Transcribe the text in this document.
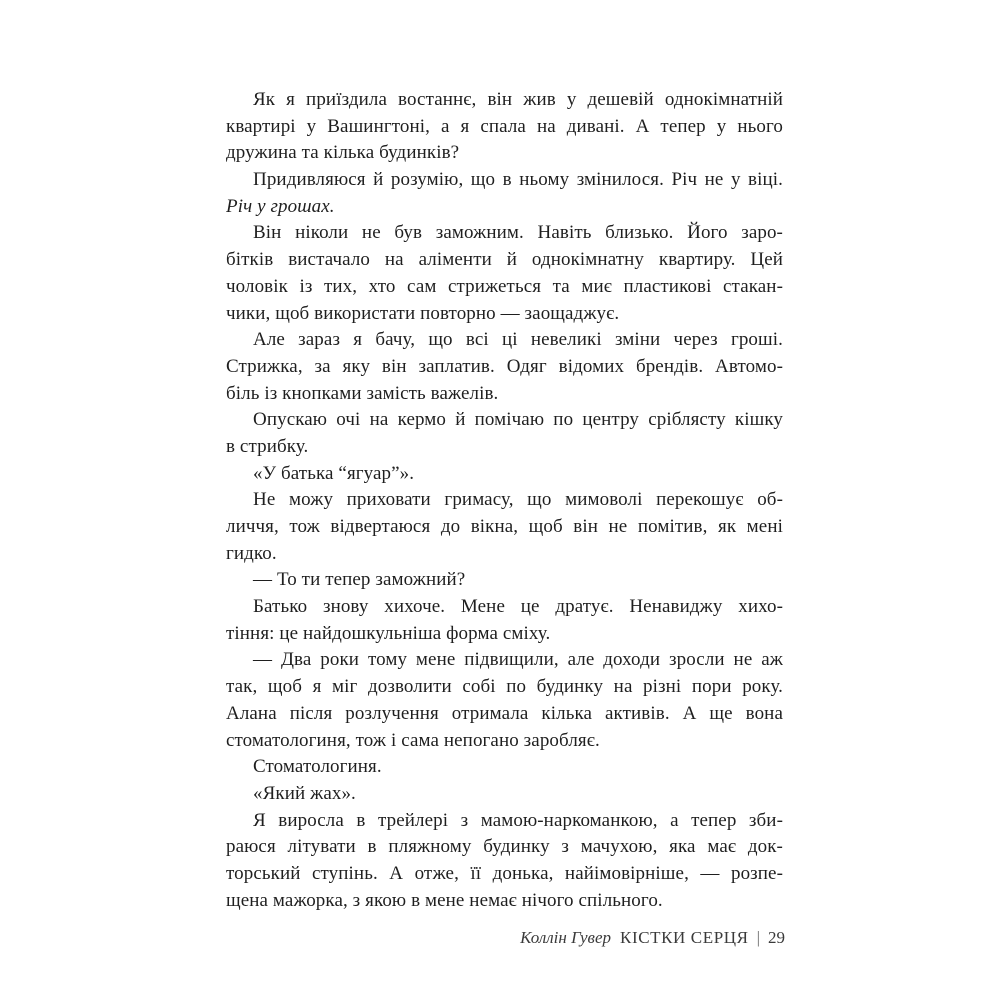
Як я приїздила востаннє, він жив у дешевій однокімнатній
квартирі у Вашингтоні, а я спала на дивані. А тепер у нього
дружина та кілька будинків?
Придивляюся й розумію, що в ньому змінилося. Річ не у віці.
Річ у грошах.
Він ніколи не був заможним. Навіть близько. Його заро-
бітків вистачало на аліменти й однокімнатну квартиру. Цей
чоловік із тих, хто сам стрижеться та миє пластикові стакан-
чики, щоб використати повторно — заощаджує.
Але зараз я бачу, що всі ці невеликі зміни через гроші.
Стрижка, за яку він заплатив. Одяг відомих брендів. Автомо-
біль із кнопками замість важелів.
Опускаю очі на кермо й помічаю по центру сріблясту кішку
в стрибку.
«У батька “ягуар”».
Не можу приховати гримасу, що мимоволі перекошує об-
личчя, тож відвертаюся до вікна, щоб він не помітив, як мені
гидко.
— То ти тепер заможний?
Батько знову хихоче. Мене це дратує. Ненавиджу хихо-
тіння: це найдошкульніша форма сміху.
— Два роки тому мене підвищили, але доходи зросли не аж
так, щоб я міг дозволити собі по будинку на різні пори року.
Алана після розлучення отримала кілька активів. А ще вона
стоматологиня, тож і сама непогано заробляє.
Стоматологиня.
«Який жах».
Я виросла в трейлері з мамою-наркоманкою, а тепер зби-
раюся літувати в пляжному будинку з мачухою, яка має док-
торський ступінь. А отже, її донька, найімовірніше, — розпе-
щена мажорка, з якою в мене немає нічого спільного.
Коллін Гувер КІСТКИ СЕРЦЯ | 29
